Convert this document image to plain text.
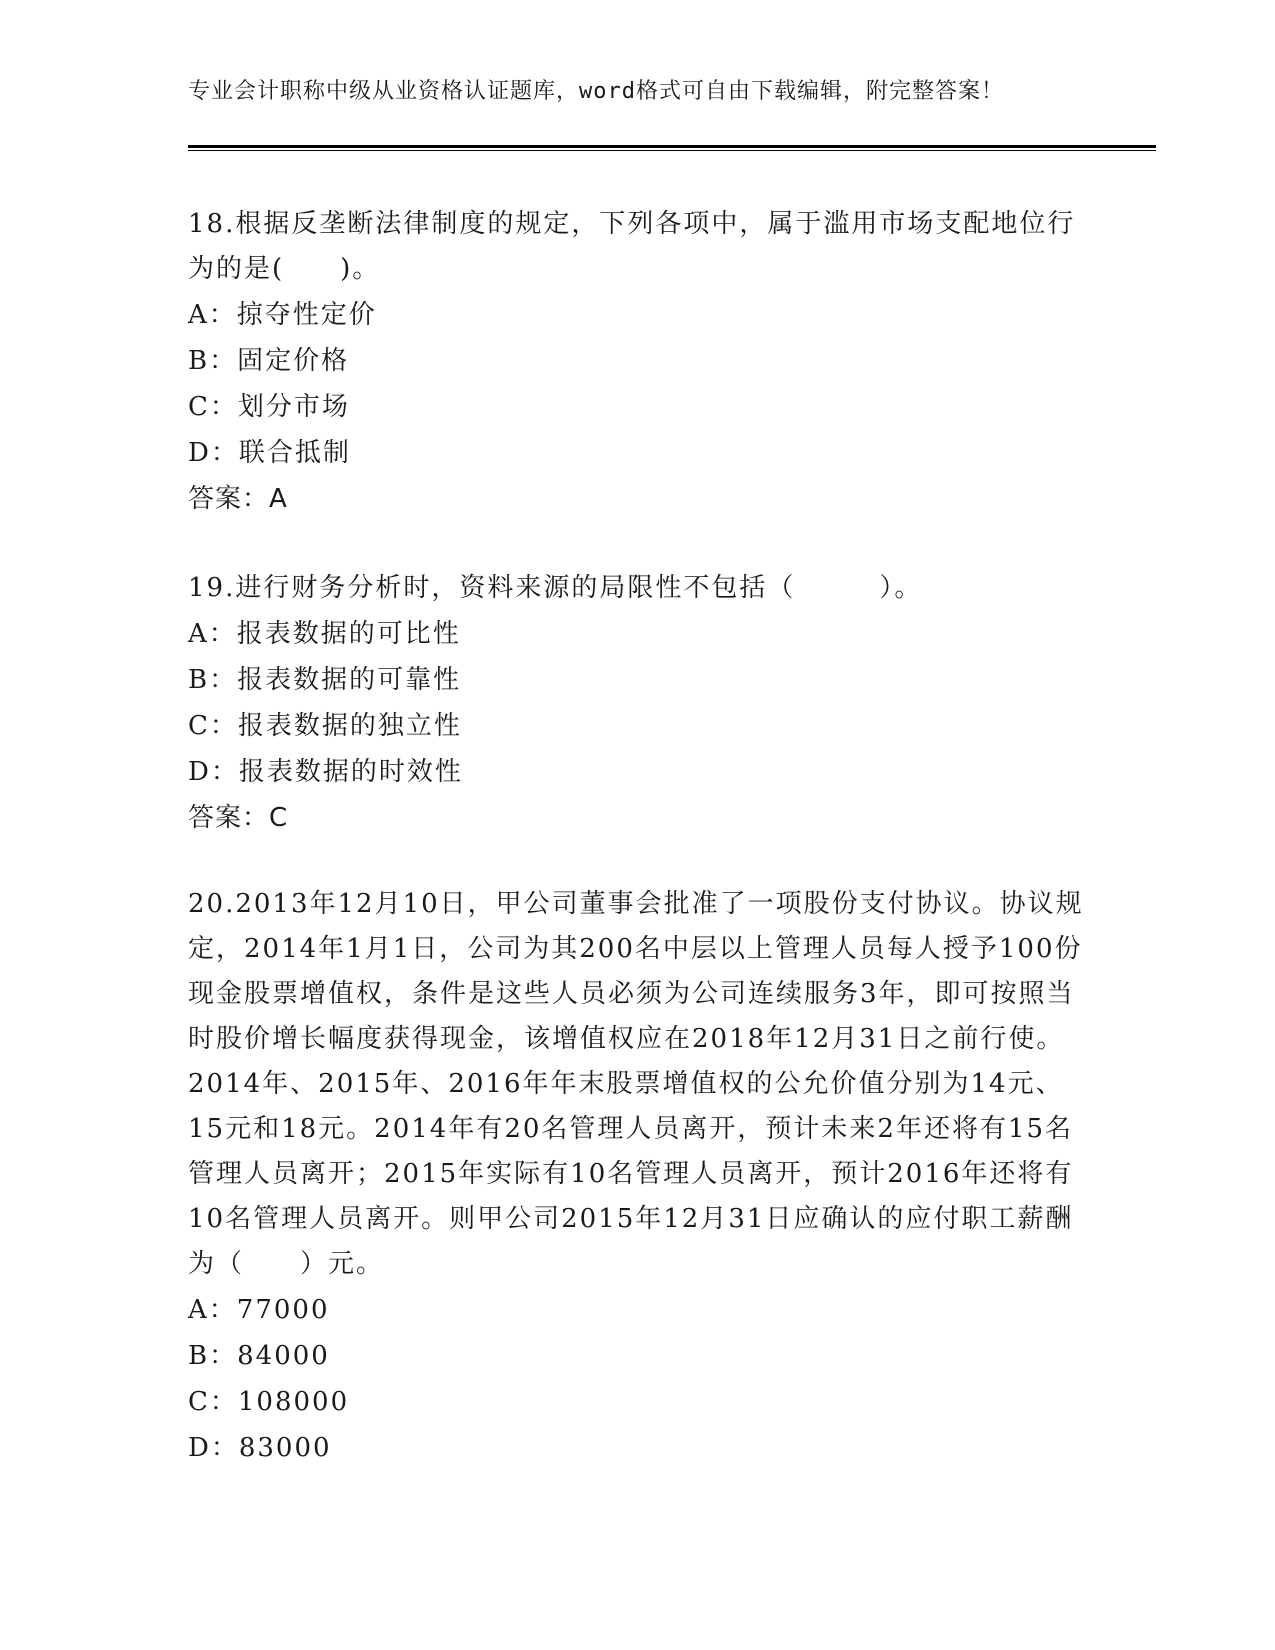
专业会计职称中级从业资格认证题库，word格式可自由下载编辑，附完整答案！

18.根据反垄断法律制度的规定，下列各项中，属于滥用市场支配地位行为的是(　　)。

A：掠夺性定价

B：固定价格

C：划分市场

D：联合抵制

答案：A

19.进行财务分析时，资料来源的局限性不包括（　　　）。

A：报表数据的可比性

B：报表数据的可靠性

C：报表数据的独立性

D：报表数据的时效性

答案：C

20.2013年12月10日，甲公司董事会批准了一项股份支付协议。协议规定，2014年1月1日，公司为其200名中层以上管理人员每人授予100份现金股票增值权，条件是这些人员必须为公司连续服务3年，即可按照当时股价增长幅度获得现金，该增值权应在2018年12月31日之前行使。2014年、2015年、2016年年末股票增值权的公允价值分别为14元、15元和18元。2014年有20名管理人员离开，预计未来2年还将有15名管理人员离开；2015年实际有10名管理人员离开，预计2016年还将有10名管理人员离开。则甲公司2015年12月31日应确认的应付职工薪酬为（　　）元。

A：77000

B：84000

C：108000

D：83000
